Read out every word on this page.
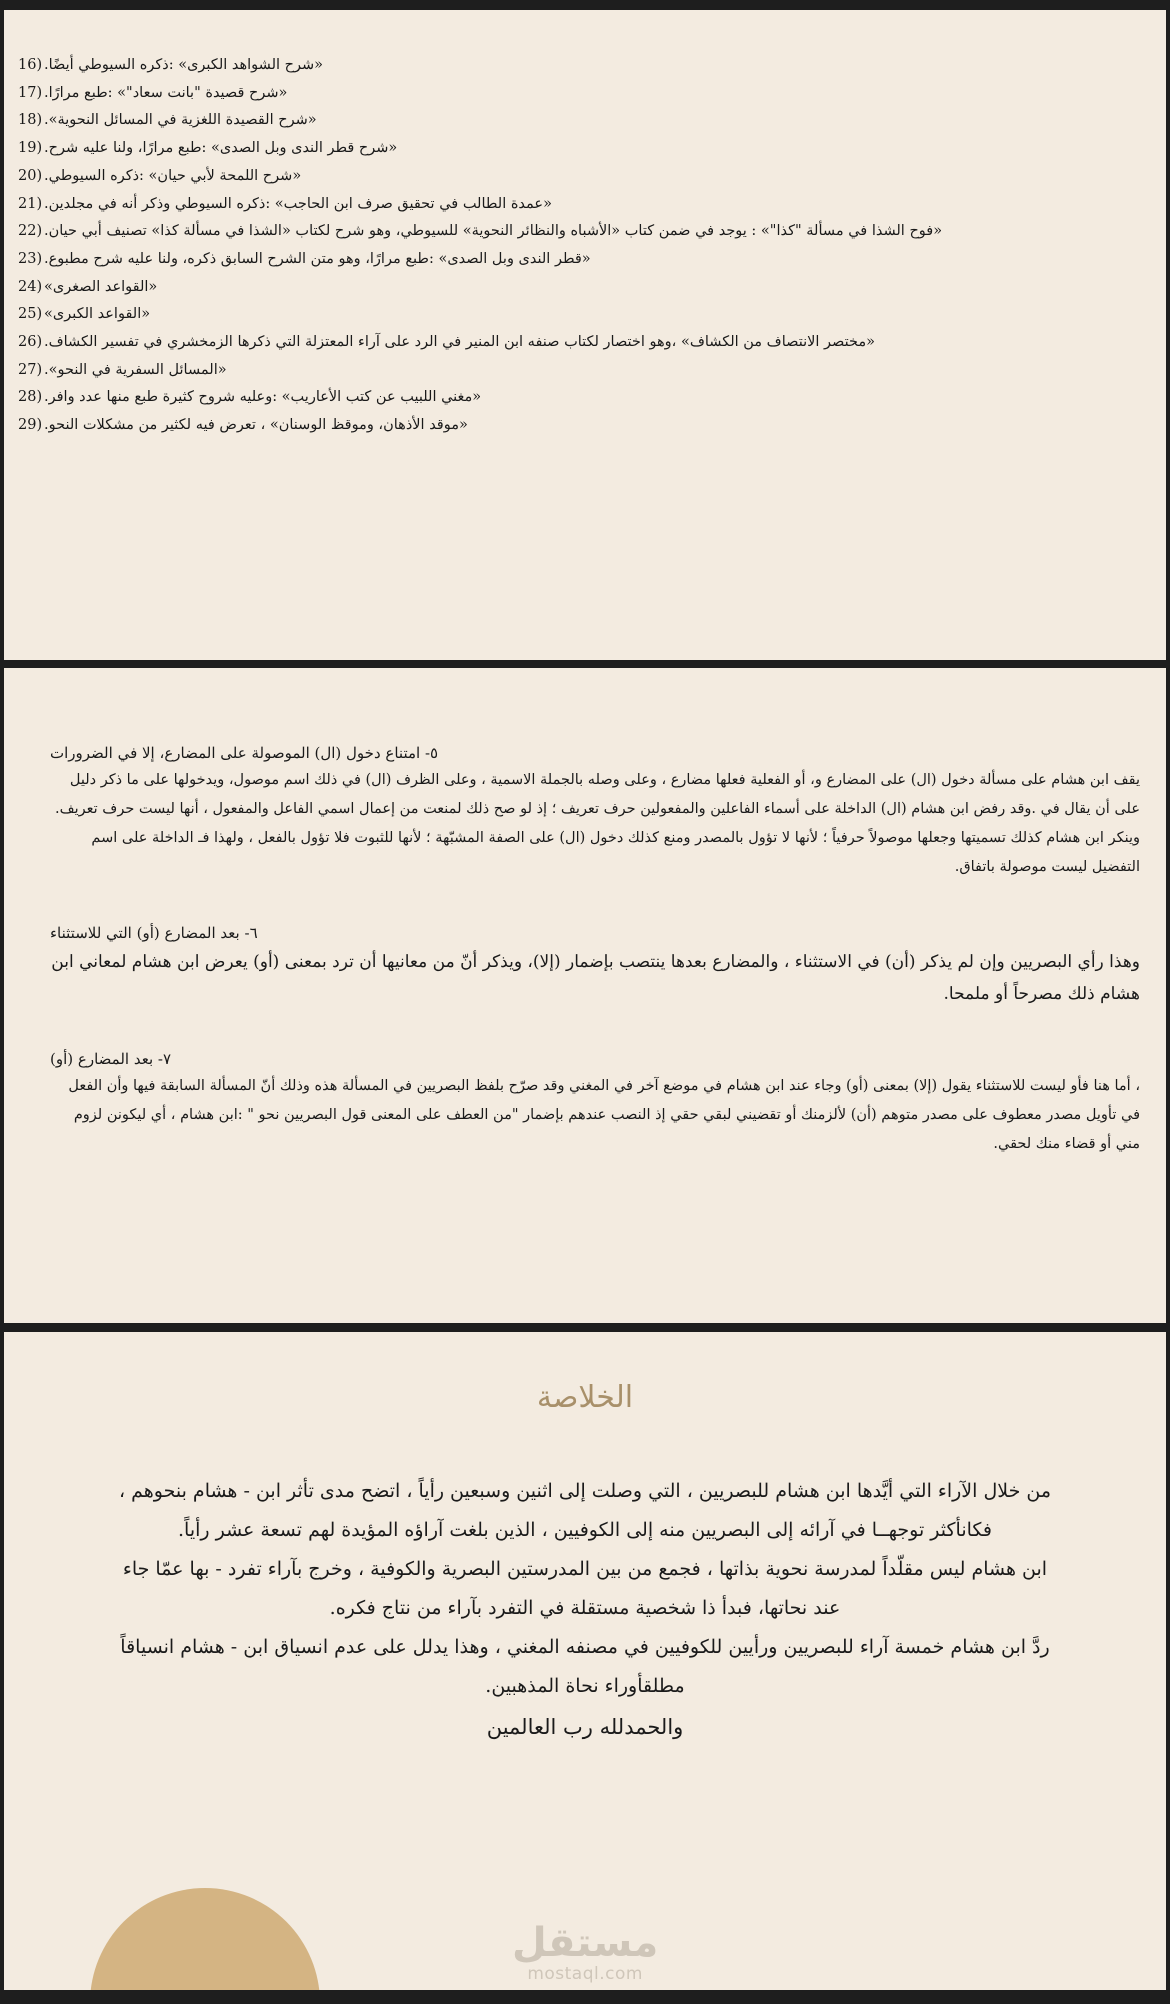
16) «شرح الشواهد الكبرى» :ذكره السيوطي أيضًا.
17) «شرح قصيدة "بانت سعاد"» :طبع مرارًا.
18) «شرح القصيدة اللغزية في المسائل النحوية».
19) «شرح قطر الندى وبل الصدى» :طبع مرارًا، ولنا عليه شرح.
20) «شرح اللمحة لأبي حيان» :ذكره السيوطي.
21) «عمدة الطالب في تحقيق صرف ابن الحاجب» :ذكره السيوطي وذكر أنه في مجلدين.
22) «فوح الشذا في مسألة "كذا"» : يوجد في ضمن كتاب «الأشباه والنظائر النحوية» للسيوطي، وهو شرح لكتاب «الشذا في مسألة كذا» تصنيف أبي حيان.
23) «قطر الندى وبل الصدى» :طبع مرارًا، وهو متن الشرح السابق ذكره، ولنا عليه شرح مطبوع.
24) «القواعد الصغرى»
25) «القواعد الكبرى»
26) «مختصر الانتصاف من الكشاف» ،وهو اختصار لكتاب صنفه ابن المنير في الرد على آراء المعتزلة التي ذكرها الزمخشري في تفسير الكشاف.
27) «المسائل السفرية في النحو».
28) «مغني اللبيب عن كتب الأعاريب» :وعليه شروح كثيرة طبع منها عدد وافر.
29) «موقد الأذهان، وموقظ الوسنان» ، تعرض فيه لكثير من مشكلات النحو.
٥- امتناع دخول (ال) الموصولة على المضارع، إلا في الضرورات
يقف ابن هشام على مسألة دخول (ال) على المضارع و، أو الفعلية فعلها مضارع ، وعلى وصله بالجملة الاسمية ، وعلى الظرف (ال) في ذلك اسم موصول، ويدخولها على ما ذكر دليل على أن يقال في .وقد رفض ابن هشام (ال) الداخلة على أسماء الفاعلين والمفعولين حرف تعريف ؛ إذ لو صح ذلك لمنعت من إعمال اسمي الفاعل والمفعول ، أنها ليست حرف تعريف. وينكر ابن هشام كذلك تسميتها وجعلها موصولاً حرفياً ؛ لأنها لا تؤول بالمصدر ومنع كذلك دخول (ال) على الصفة المشبّهة ؛ لأنها للثبوت فلا تؤول بالفعل ، ولهذا فـ الداخلة على اسم التفضيل ليست موصولة باتفاق.
٦- بعد المضارع (أو) التي للاستثناء
وهذا رأي البصريين وإن لم يذكر (أن) في الاستثناء ، والمضارع بعدها ينتصب بإضمار (إلا)، ويذكر أنّ من معانيها أن ترد بمعنى (أو) يعرض ابن هشام لمعاني ابن هشام ذلك مصرحاً أو ملمحا.
٧- بعد المضارع (أو)
، أما هنا فأو ليست للاستثناء يقول (إلا) بمعنى (أو) وجاء عند ابن هشام في موضع آخر في المغني وقد صرّح بلفظ البصريين في المسألة هذه وذلك أنّ المسألة السابقة فيها وأن الفعل في تأويل مصدر معطوف على مصدر متوهم (أن) لألزمنك أو تقضيني لبقي حقي إذ النصب عندهم بإضمار "من العطف على المعنى قول البصريين نحو " :ابن هشام ، أي ليكونن لزوم مني أو قضاء منك لحقي.
الخلاصة

من خلال الآراء التي أيَّدها ابن هشام للبصريين ، التي وصلت إلى اثنين وسبعين رأياً ، اتضح مدى تأثر ابن - هشام بنحوهم ، فكانأكثر توجهــا في آرائه إلى البصريين منه إلى الكوفيين ، الذين بلغت آراؤه المؤيدة لهم تسعة عشر رأياً.

ابن هشام ليس مقلّداً لمدرسة نحوية بذاتها ، فجمع من بين المدرستين البصرية والكوفية ، وخرج بآراء تفرد - بها عمّا جاء عند نحاتها، فبدأ ذا شخصية مستقلة في التفرد بآراء من نتاج فكره.

ردَّ ابن هشام خمسة آراء للبصريين ورأيين للكوفيين في مصنفه المغني ، وهذا يدلل على عدم انسياق ابن - هشام انسياقاً مطلقأوراء نحاة المذهبين.

والحمدلله رب العالمين

مستقل
mostaql.com
